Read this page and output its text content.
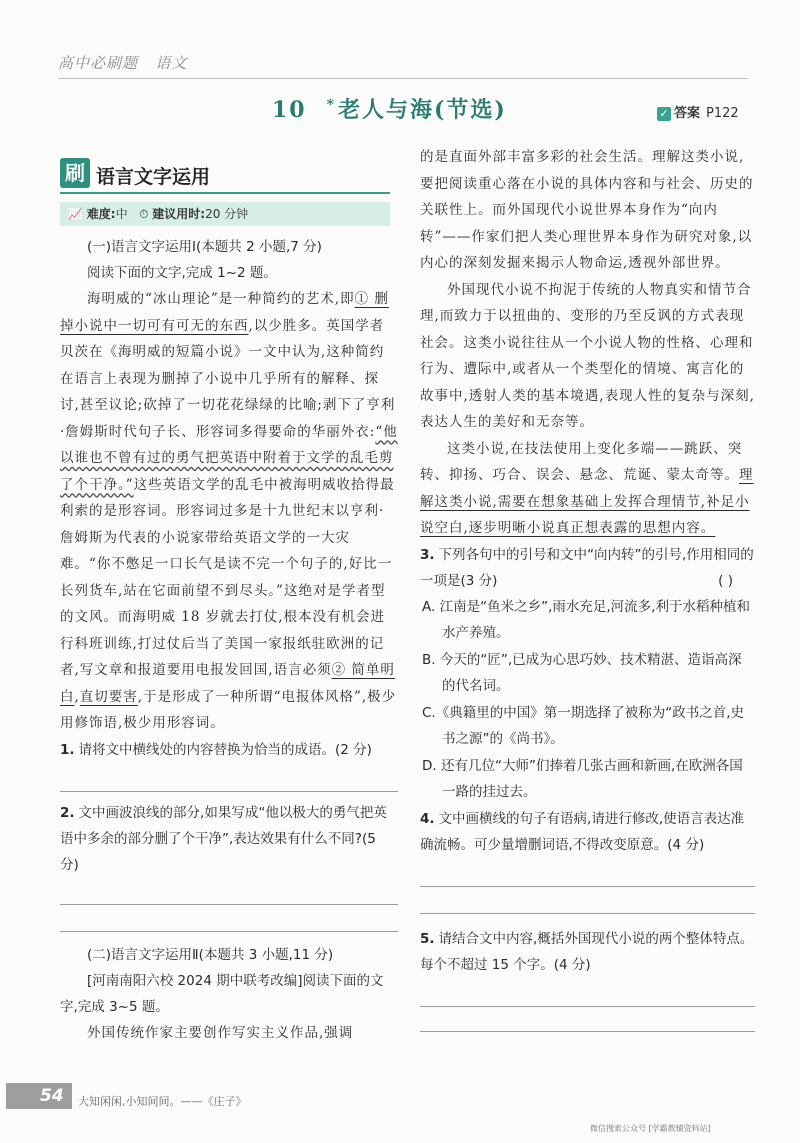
高中必刷题 语文
10 *老人与海(节选)	✓ 答案 P122
刷 语言文字运用
📈 难度:中 ⏱ 建议用时:20 分钟

(一)语言文字运用Ⅰ(本题共 2 小题,7 分)

阅读下面的文字,完成 1~2 题。

海明威的“冰山理论”是一种简约的艺术,即① 删掉小说中一切可有可无的东西,以少胜多。英国学者贝茨在《海明威的短篇小说》一文中认为,这种简约在语言上表现为删掉了小说中几乎所有的解释、探讨,甚至议论;砍掉了一切花花绿绿的比喻;剥下了亨利·詹姆斯时代句子长、形容词多得要命的华丽外衣:“他以谁也不曾有过的勇气把英语中附着于文学的乱毛剪了个干净。”这些英语文学的乱毛中被海明威收拾得最利索的是形容词。形容词过多是十九世纪末以亨利·詹姆斯为代表的小说家带给英语文学的一大灾难。“你不憋足一口长气是读不完一个句子的,好比一长列货车,站在它面前望不到尽头。”这绝对是学者型的文风。而海明威 18 岁就去打仗,根本没有机会进行科班训练,打过仗后当了美国一家报纸驻欧洲的记者,写文章和报道要用电报发回国,语言必须② 简单明白,直切要害,于是形成了一种所谓“电报体风格”,极少用修饰语,极少用形容词。

1. 请将文中横线处的内容替换为恰当的成语。(2 分)

2. 文中画波浪线的部分,如果写成“他以极大的勇气把英语中多余的部分删了个干净”,表达效果有什么不同?(5 分)

(二)语言文字运用Ⅱ(本题共 3 小题,11 分)

[河南南阳六校 2024 期中联考改编]阅读下面的文字,完成 3~5 题。

外国传统作家主要创作写实主义作品,强调

的是直面外部丰富多彩的社会生活。理解这类小说,要把阅读重心落在小说的具体内容和与社会、历史的关联性上。而外国现代小说世界本身作为“向内转”——作家们把人类心理世界本身作为研究对象,以内心的深刻发掘来揭示人物命运,透视外部世界。

外国现代小说不拘泥于传统的人物真实和情节合理,而致力于以扭曲的、变形的乃至反讽的方式表现社会。这类小说往往从一个小说人物的性格、心理和行为、遭际中,或者从一个类型化的情境、寓言化的故事中,透射人类的基本境遇,表现人性的复杂与深刻,表达人生的美好和无奈等。

这类小说,在技法使用上变化多端——跳跃、突转、抑扬、巧合、误会、悬念、荒诞、蒙太奇等。理解这类小说,需要在想象基础上发挥合理情节,补足小说空白,逐步明晰小说真正想表露的思想内容。

3. 下列各句中的引号和文中“向内转”的引号,作用相同的一项是(3 分)	( )

A. 江南是“鱼米之乡”,雨水充足,河流多,利于水稻种植和水产养殖。

B. 今天的“匠”,已成为心思巧妙、技术精湛、造诣高深的代名词。

C.《典籍里的中国》第一期选择了被称为“政书之首,史书之源”的《尚书》。

D. 还有几位“大师”们捧着几张古画和新画,在欧洲各国一路的挂过去。

4. 文中画横线的句子有语病,请进行修改,使语言表达准确流畅。可少量增删词语,不得改变原意。(4 分)

5. 请结合文中内容,概括外国现代小说的两个整体特点。每个不超过 15 个字。(4 分)

54 大知闲闲,小知间间。——《庄子》
微信搜索公众号 [学霸教辅资料站]
